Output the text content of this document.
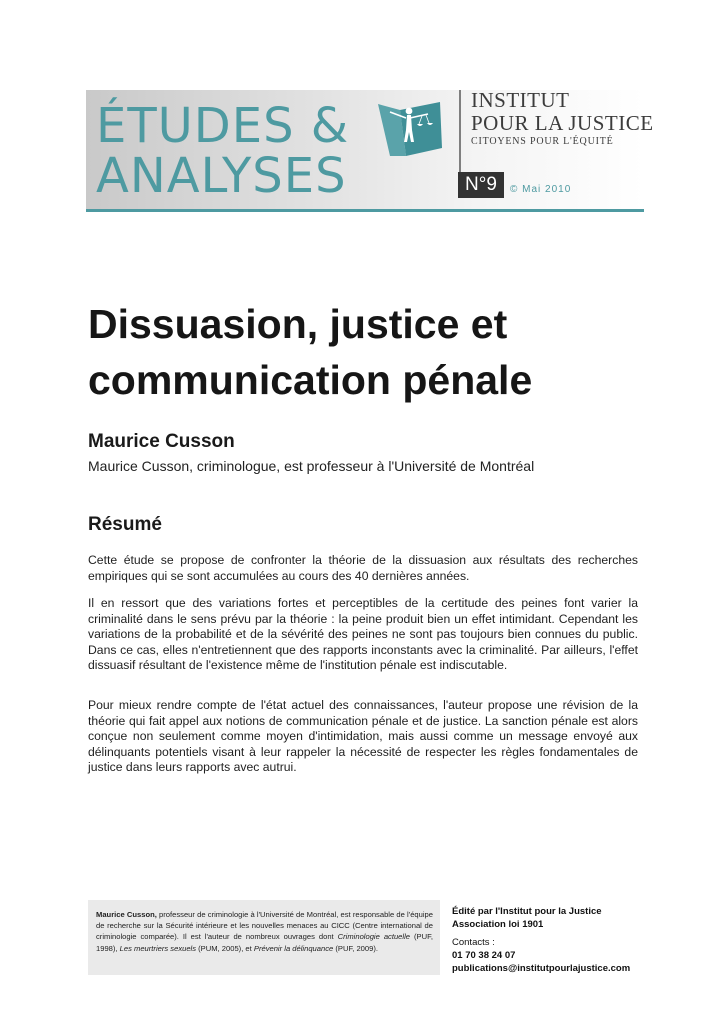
ÉTUDES &
ANALYSES
INSTITUT
POUR LA JUSTICE
CITOYENS POUR L'ÉQUITÉ
N°9	© Mai 2010
Dissuasion, justice et communication pénale
Maurice Cusson

Maurice Cusson, criminologue, est professeur à l'Université de Montréal

Résumé

Cette étude se propose de confronter la théorie de la dissuasion aux résultats des recherches empiriques qui se sont accumulées au cours des 40 dernières années.

Il en ressort que des variations fortes et perceptibles de la certitude des peines font varier la criminalité dans le sens prévu par la théorie : la peine produit bien un effet intimidant. Cependant les variations de la probabilité et de la sévérité des peines ne sont pas toujours bien connues du public. Dans ce cas, elles n'entretiennent que des rapports inconstants avec la criminalité. Par ailleurs, l'effet dissuasif résultant de l'existence même de l'institution pénale est indiscutable.

Pour mieux rendre compte de l'état actuel des connaissances, l'auteur propose une révision de la théorie qui fait appel aux notions de communication pénale et de justice. La sanction pénale est alors conçue non seulement comme moyen d'intimidation, mais aussi comme un message envoyé aux délinquants potentiels visant à leur rappeler la nécessité de respecter les règles fondamentales de justice dans leurs rapports avec autrui.

Maurice Cusson, professeur de criminologie à l'Université de Montréal, est responsable de l'équipe de recherche sur la Sécurité intérieure et les nouvelles menaces au CICC (Centre international de criminologie comparée). Il est l'auteur de nombreux ouvrages dont Criminologie actuelle (PUF, 1998), Les meurtriers sexuels (PUM, 2005), et Prévenir la délinquance (PUF, 2009).

Édité par l'Institut pour la Justice
Association loi 1901
Contacts :
01 70 38 24 07
publications@institutpourlajustice.com
